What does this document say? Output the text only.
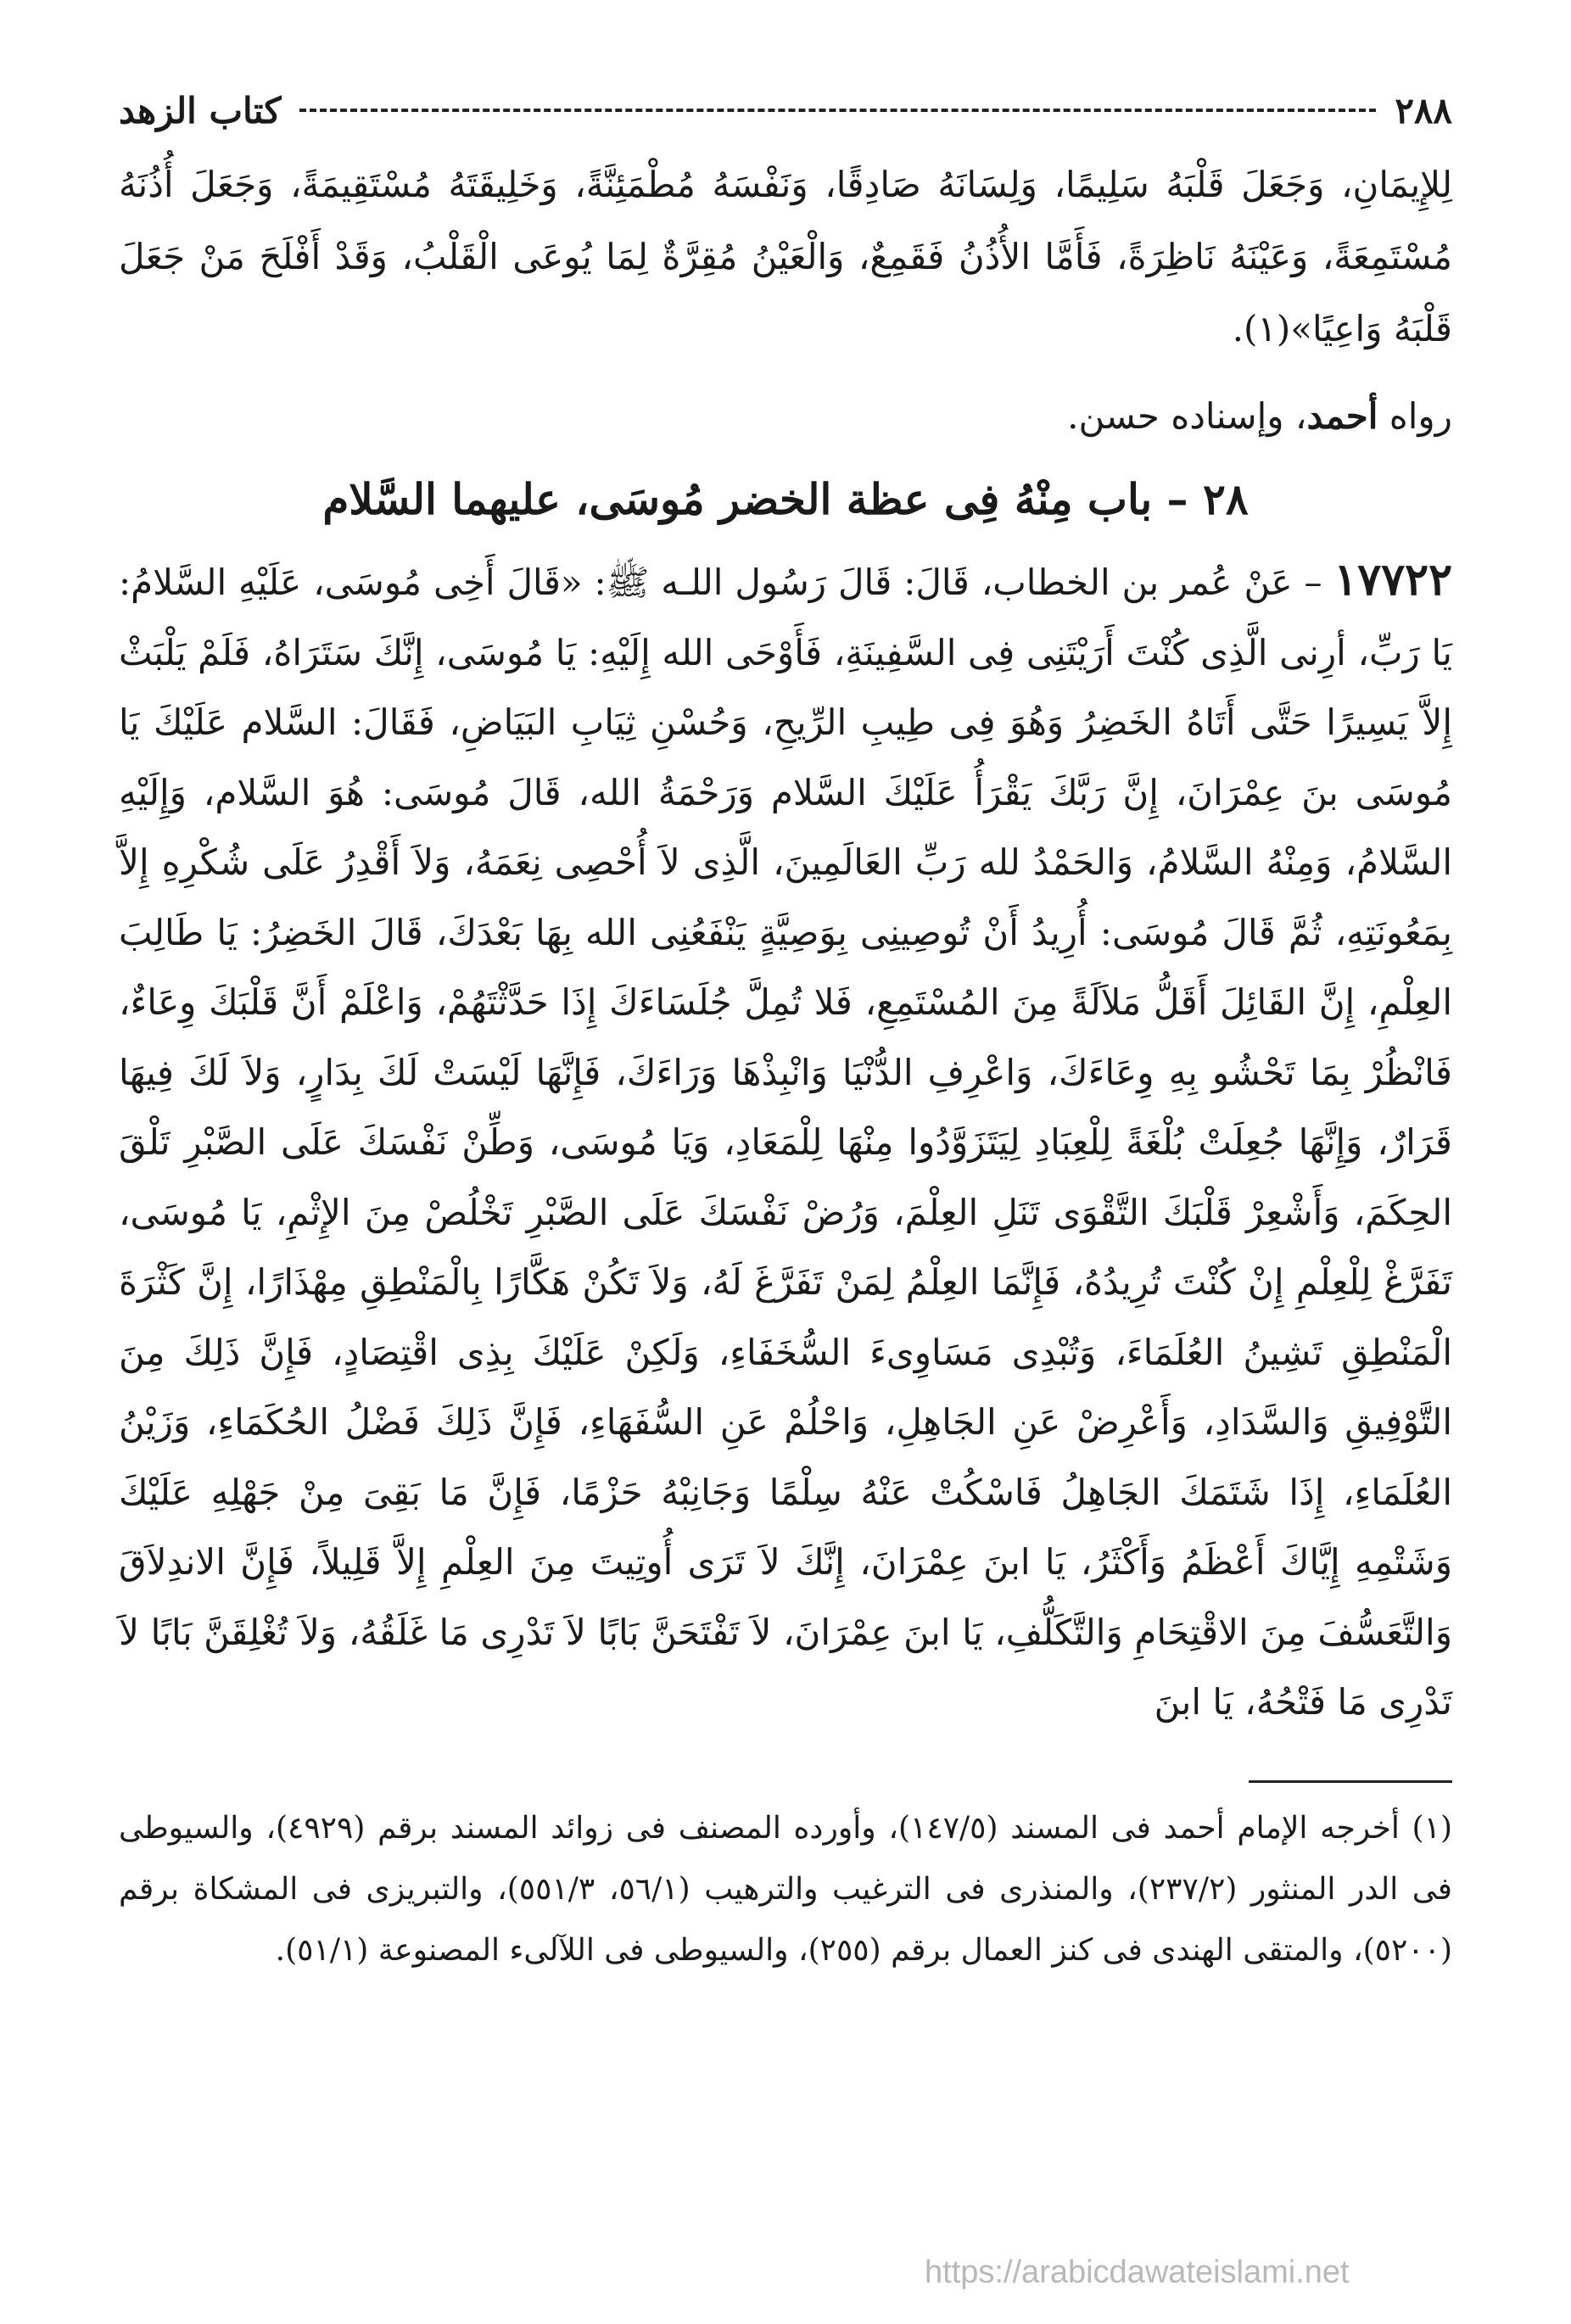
٢٨٨
كتاب الزهد

لِلإِيمَانِ، وَجَعَلَ قَلْبَهُ سَلِيمًا، وَلِسَانَهُ صَادِقًا، وَنَفْسَهُ مُطْمَئِنَّةً، وَخَلِيقَتَهُ مُسْتَقِيمَةً، وَجَعَلَ أُذُنَهُ مُسْتَمِعَةً، وَعَيْنَهُ نَاظِرَةً، فَأَمَّا الأُذُنُ فَقَمِعٌ، وَالْعَيْنُ مُقِرَّةٌ لِمَا يُوعَى الْقَلْبُ، وَقَدْ أَفْلَحَ مَنْ جَعَلَ قَلْبَهُ وَاعِيًا»(١).

رواه أحمد، وإسناده حسن.
٢٨ – باب مِنْهُ فِى عظة الخضر مُوسَى، عليهما السَّلام

١٧٧٢٢ – عَنْ عُمر بن الخطاب، قَالَ: قَالَ رَسُول اللـه ﷺ: «قَالَ أَخِى مُوسَى، عَلَيْهِ السَّلامُ: يَا رَبِّ، أرِنى الَّذِى كُنْتَ أَرَيْتَنِى فِى السَّفِينَةِ، فَأَوْحَى الله إِلَيْهِ: يَا مُوسَى، إِنَّكَ سَتَرَاهُ، فَلَمْ يَلْبَثْ إِلاَّ يَسِيرًا حَتَّى أَتَاهُ الخَضِرُ وَهُوَ فِى طِيبِ الرِّيحِ، وَحُسْنِ ثِيَابِ البَيَاضِ، فَقَالَ: السَّلام عَلَيْكَ يَا مُوسَى بنَ عِمْرَانَ، إِنَّ رَبَّكَ يَقْرَأُ عَلَيْكَ السَّلام وَرَحْمَةُ الله، قَالَ مُوسَى: هُوَ السَّلام، وَإِلَيْهِ السَّلامُ، وَمِنْهُ السَّلامُ، وَالحَمْدُ لله رَبِّ العَالَمِينَ، الَّذِى لاَ أُحْصِى نِعَمَهُ، وَلاَ أَقْدِرُ عَلَى شُكْرِهِ إِلاَّ بِمَعُونَتِهِ، ثُمَّ قَالَ مُوسَى: أُرِيدُ أَنْ تُوصِينِى بِوَصِيَّةٍ يَنْفَعُنِى الله بِهَا بَعْدَكَ، قَالَ الخَضِرُ: يَا طَالِبَ العِلْمِ، إِنَّ القَائِلَ أَقَلُّ مَلاَلَةً مِنَ المُسْتَمِعِ، فَلا تُمِلَّ جُلَسَاءَكَ إِذَا حَدَّثْتَهُمْ، وَاعْلَمْ أَنَّ قَلْبَكَ وِعَاءٌ، فَانْظُرْ بِمَا تَحْشُو بِهِ وِعَاءَكَ، وَاعْرِفِ الدُّنْيَا وَانْبِذْهَا وَرَاءَكَ، فَإِنَّهَا لَيْسَتْ لَكَ بِدَارٍ، وَلاَ لَكَ فِيهَا قَرَارٌ، وَإِنَّهَا جُعِلَتْ بُلْغَةً لِلْعِبَادِ لِيَتَزَوَّدُوا مِنْهَا لِلْمَعَادِ، وَيَا مُوسَى، وَطِّنْ نَفْسَكَ عَلَى الصَّبْرِ تَلْقَ الحِكَمَ، وَأَشْعِرْ قَلْبَكَ التَّقْوَى تَنَلِ العِلْمَ، وَرُضْ نَفْسَكَ عَلَى الصَّبْرِ تَخْلُصْ مِنَ الإِثْمِ، يَا مُوسَى، تَفَرَّغْ لِلْعِلْمِ إِنْ كُنْتَ تُرِيدُهُ، فَإِنَّمَا العِلْمُ لِمَنْ تَفَرَّغَ لَهُ، وَلاَ تَكُنْ هَكَّارًا بِالْمَنْطِقِ مِهْذَارًا، إِنَّ كَثْرَةَ الْمَنْطِقِ تَشِينُ العُلَمَاءَ، وَتُبْدِى مَسَاوِىءَ السُّخَفَاءِ، وَلَكِنْ عَلَيْكَ بِذِى اقْتِصَادٍ، فَإِنَّ ذَلِكَ مِنَ التَّوْفِيقِ وَالسَّدَادِ، وَأَعْرِضْ عَنِ الجَاهِلِ، وَاحْلُمْ عَنِ السُّفَهَاءِ، فَإِنَّ ذَلِكَ فَضْلُ الحُكَمَاءِ، وَزَيْنُ العُلَمَاءِ، إِذَا شَتَمَكَ الجَاهِلُ فَاسْكُتْ عَنْهُ سِلْمًا وَجَانِبْهُ حَزْمًا، فَإِنَّ مَا بَقِىَ مِنْ جَهْلِهِ عَلَيْكَ وَشَتْمِهِ إِيَّاكَ أَعْظَمُ وَأَكْثَرُ، يَا ابنَ عِمْرَانَ، إِنَّكَ لاَ تَرَى أُوتِيتَ مِنَ العِلْمِ إِلاَّ قَلِيلاً، فَإِنَّ الاندِلاَقَ وَالتَّعَسُّفَ مِنَ الاقْتِحَامِ وَالتَّكَلُّفِ، يَا ابنَ عِمْرَانَ، لاَ تَفْتَحَنَّ بَابًا لاَ تَدْرِى مَا غَلَقُهُ، وَلاَ تُغْلِقَنَّ بَابًا لاَ تَدْرِى مَا فَتْحُهُ، يَا ابنَ

(١) أخرجه الإمام أحمد فى المسند (١٤٧/٥)، وأورده المصنف فى زوائد المسند برقم (٤٩٢٩)، والسيوطى فى الدر المنثور (٢٣٧/٢)، والمنذرى فى الترغيب والترهيب (٥٦/١، ٥٥١/٣)، والتبريزى فى المشكاة برقم (٥٢٠٠)، والمتقى الهندى فى كنز العمال برقم (٢٥٥)، والسيوطى فى اللآلىء المصنوعة (٥١/١).

https://arabicdawateislami.net
